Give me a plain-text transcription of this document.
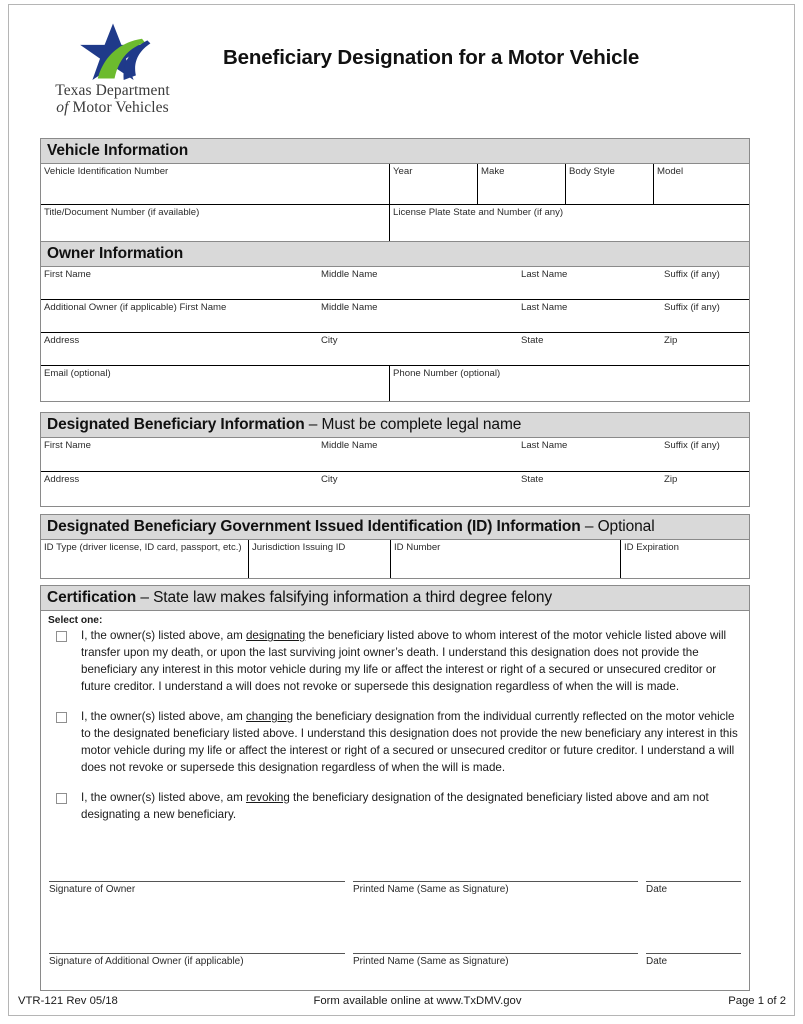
Texas Department
of Motor Vehicles
Beneficiary Designation for a Motor Vehicle
Vehicle Information
Vehicle Identification Number	Year	Make	Body Style	Model
Title/Document Number (if available)	License Plate State and Number (if any)
Owner Information
First Name	Middle Name	Last Name	Suffix (if any)
Additional Owner (if applicable) First Name	Middle Name	Last Name	Suffix (if any)
Address	City	State	Zip
Email (optional)	Phone Number (optional)
Designated Beneficiary Information – Must be complete legal name
First Name	Middle Name	Last Name	Suffix (if any)
Address	City	State	Zip
Designated Beneficiary Government Issued Identification (ID) Information – Optional
ID Type (driver license, ID card, passport, etc.)	Jurisdiction Issuing ID	ID Number	ID Expiration
Certification – State law makes falsifying information a third degree felony
Select one:
I, the owner(s) listed above, am designating the beneficiary listed above to whom interest of the motor vehicle listed above will transfer upon my death, or upon the last surviving joint owner’s death. I understand this designation does not provide the beneficiary any interest in this motor vehicle during my life or affect the interest or right of a secured or unsecured creditor or future creditor. I understand a will does not revoke or supersede this designation regardless of when the will is made.
I, the owner(s) listed above, am changing the beneficiary designation from the individual currently reflected on the motor vehicle to the designated beneficiary listed above. I understand this designation does not provide the new beneficiary any interest in this motor vehicle during my life or affect the interest or right of a secured or unsecured creditor or future creditor. I understand a will does not revoke or supersede this designation regardless of when the will is made.
I, the owner(s) listed above, am revoking the beneficiary designation of the designated beneficiary listed above and am not designating a new beneficiary.
Signature of Owner	Printed Name (Same as Signature)	Date
Signature of Additional Owner (if applicable)	Printed Name (Same as Signature)	Date
VTR-121 Rev 05/18	Form available online at www.TxDMV.gov	Page 1 of 2
